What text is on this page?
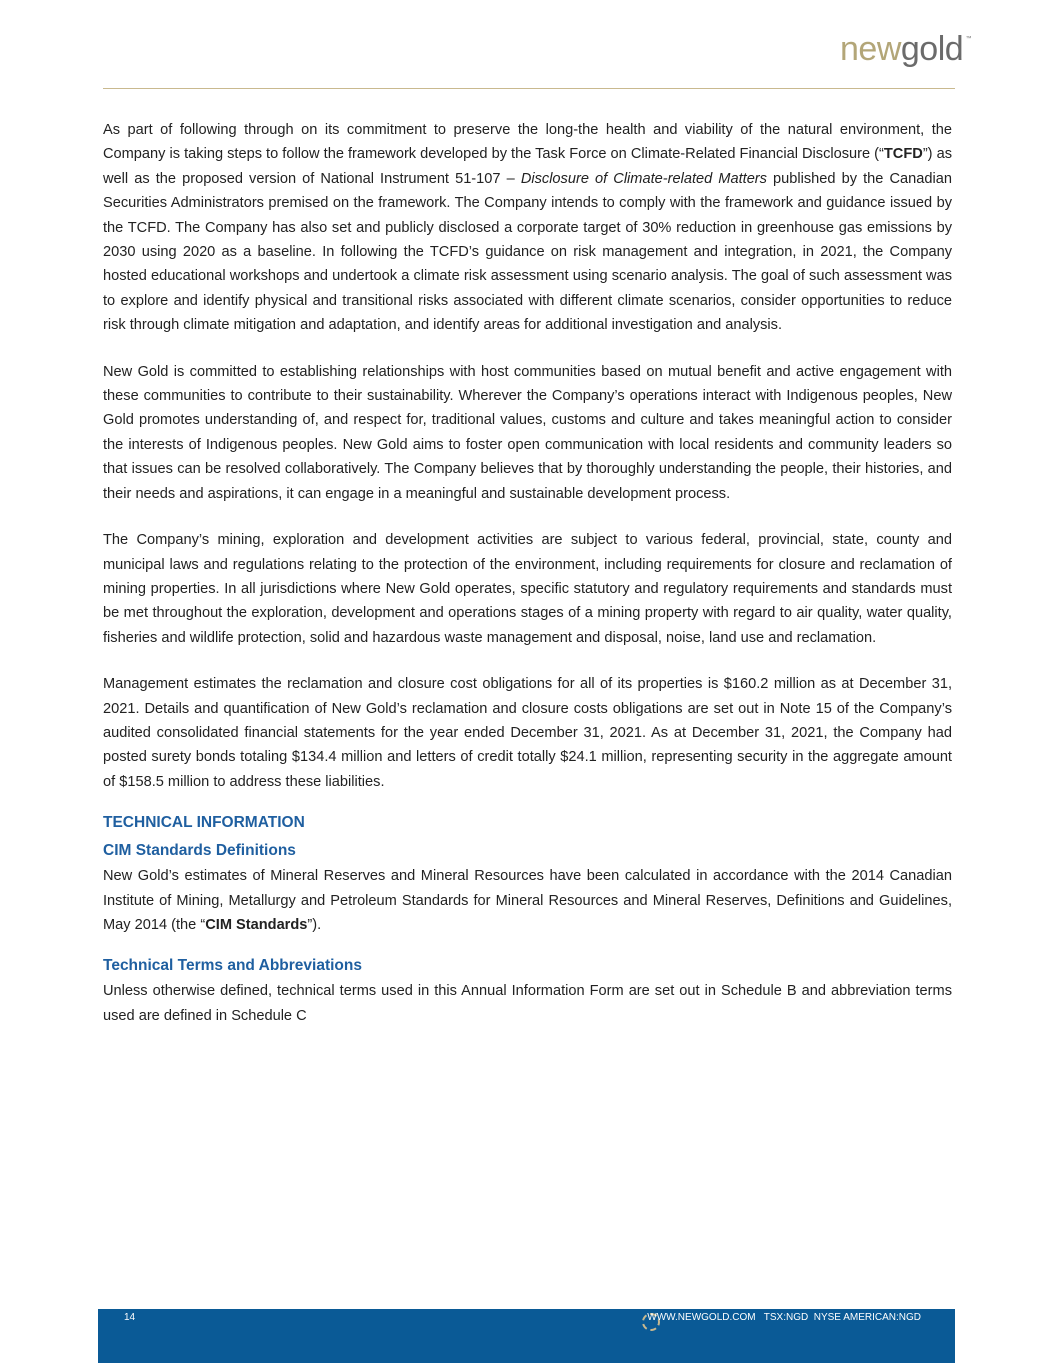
newgold ™

As part of following through on its commitment to preserve the long-the health and viability of the natural environment, the Company is taking steps to follow the framework developed by the Task Force on Climate-Related Financial Disclosure (“TCFD”) as well as the proposed version of National Instrument 51-107 – Disclosure of Climate-related Matters published by the Canadian Securities Administrators premised on the framework. The Company intends to comply with the framework and guidance issued by the TCFD. The Company has also set and publicly disclosed a corporate target of 30% reduction in greenhouse gas emissions by 2030 using 2020 as a baseline. In following the TCFD’s guidance on risk management and integration, in 2021, the Company hosted educational workshops and undertook a climate risk assessment using scenario analysis. The goal of such assessment was to explore and identify physical and transitional risks associated with different climate scenarios, consider opportunities to reduce risk through climate mitigation and adaptation, and identify areas for additional investigation and analysis.

New Gold is committed to establishing relationships with host communities based on mutual benefit and active engagement with these communities to contribute to their sustainability. Wherever the Company’s operations interact with Indigenous peoples, New Gold promotes understanding of, and respect for, traditional values, customs and culture and takes meaningful action to consider the interests of Indigenous peoples. New Gold aims to foster open communication with local residents and community leaders so that issues can be resolved collaboratively. The Company believes that by thoroughly understanding the people, their histories, and their needs and aspirations, it can engage in a meaningful and sustainable development process.

The Company’s mining, exploration and development activities are subject to various federal, provincial, state, county and municipal laws and regulations relating to the protection of the environment, including requirements for closure and reclamation of mining properties. In all jurisdictions where New Gold operates, specific statutory and regulatory requirements and standards must be met throughout the exploration, development and operations stages of a mining property with regard to air quality, water quality, fisheries and wildlife protection, solid and hazardous waste management and disposal, noise, land use and reclamation.

Management estimates the reclamation and closure cost obligations for all of its properties is $160.2 million as at December 31, 2021. Details and quantification of New Gold’s reclamation and closure costs obligations are set out in Note 15 of the Company’s audited consolidated financial statements for the year ended December 31, 2021. As at December 31, 2021, the Company had posted surety bonds totaling $134.4 million and letters of credit totally $24.1 million, representing security in the aggregate amount of $158.5 million to address these liabilities.

TECHNICAL INFORMATION
CIM Standards Definitions

New Gold’s estimates of Mineral Reserves and Mineral Resources have been calculated in accordance with the 2014 Canadian Institute of Mining, Metallurgy and Petroleum Standards for Mineral Resources and Mineral Reserves, Definitions and Guidelines, May 2014 (the “CIM Standards”).

Technical Terms and Abbreviations

Unless otherwise defined, technical terms used in this Annual Information Form are set out in Schedule B and abbreviation terms used are defined in Schedule C

14	WWW.NEWGOLD.COM   TSX:NGD  NYSE AMERICAN:NGD
